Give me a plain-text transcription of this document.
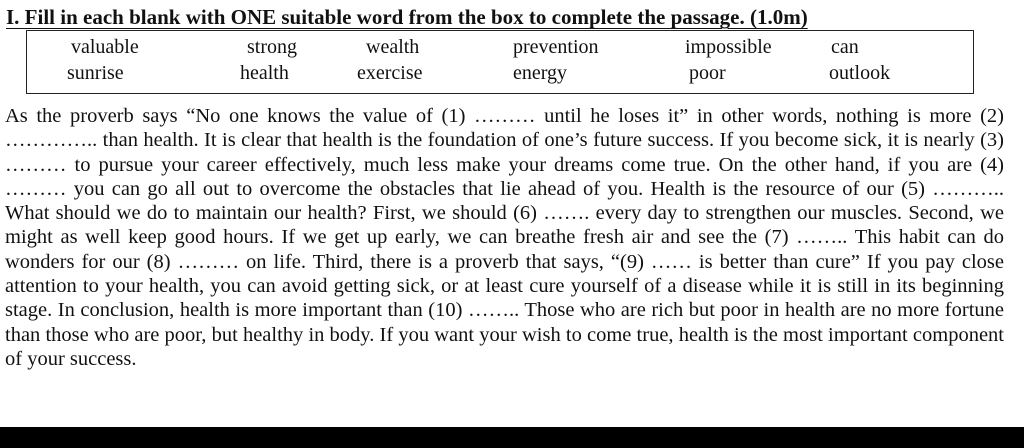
I. Fill in each blank with ONE suitable word from the box to complete the passage. (1.0m)
valuable	strong	wealth	prevention	impossible	can
sunrise	health	exercise	energy	poor	outlook
As the proverb says “No one knows the value of (1) ……… until he loses it” in other words, nothing is more (2) ………….. than health. It is clear that health is the foundation of one’s future success. If you become sick, it is nearly (3) ……… to pursue your career effectively, much less make your dreams come true. On the other hand, if you are (4) ……… you can go all out to overcome the obstacles that lie ahead of you. Health is the resource of our (5) ……….. What should we do to maintain our health? First, we should (6) ……. every day to strengthen our muscles. Second, we might as well keep good hours. If we get up early, we can breathe fresh air and see the (7) …….. This habit can do wonders for our (8) ……… on life. Third, there is a proverb that says, “(9) …… is better than cure” If you pay close attention to your health, you can avoid getting sick, or at least cure yourself of a disease while it is still in its beginning stage. In conclusion, health is more important than (10) …….. Those who are rich but poor in health are no more fortune than those who are poor, but healthy in body. If you want your wish to come true, health is the most important component of your success.
